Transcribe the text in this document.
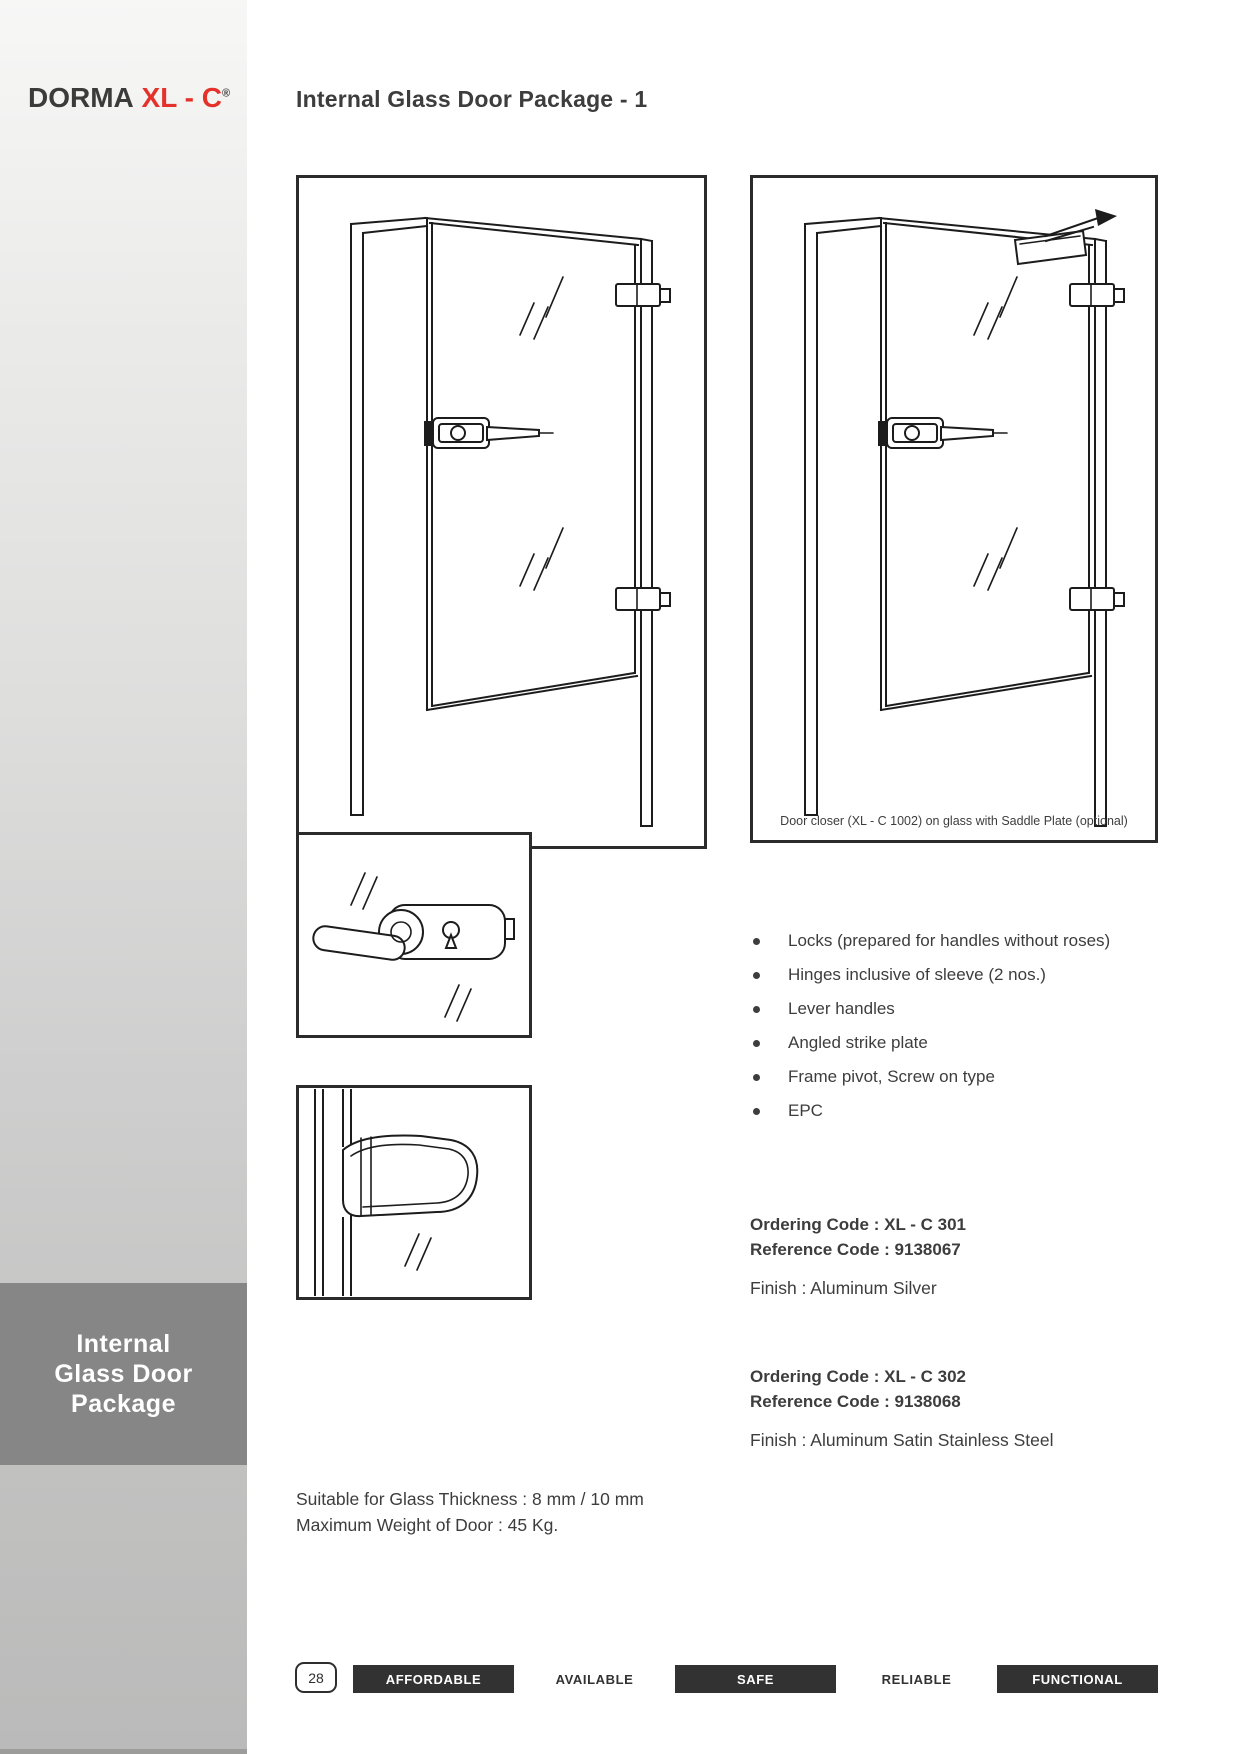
Internal
Glass Door
Package
DORMA XL - C®	Internal Glass Door Package - 1
Door closer (XL - C 1002) on glass with Saddle Plate (optional)
Locks (prepared for handles without roses)
Hinges inclusive of sleeve (2 nos.)
Lever handles
Angled strike plate
Frame pivot, Screw on type
EPC
Ordering Code : XL - C 301
Reference Code : 9138067
Finish : Aluminum Silver
Ordering Code : XL - C 302
Reference Code : 9138068
Finish : Aluminum Satin Stainless Steel
Suitable for Glass Thickness : 8 mm / 10 mm
Maximum Weight of Door : 45 Kg.
28	AFFORDABLE	AVAILABLE	SAFE	RELIABLE	FUNCTIONAL
